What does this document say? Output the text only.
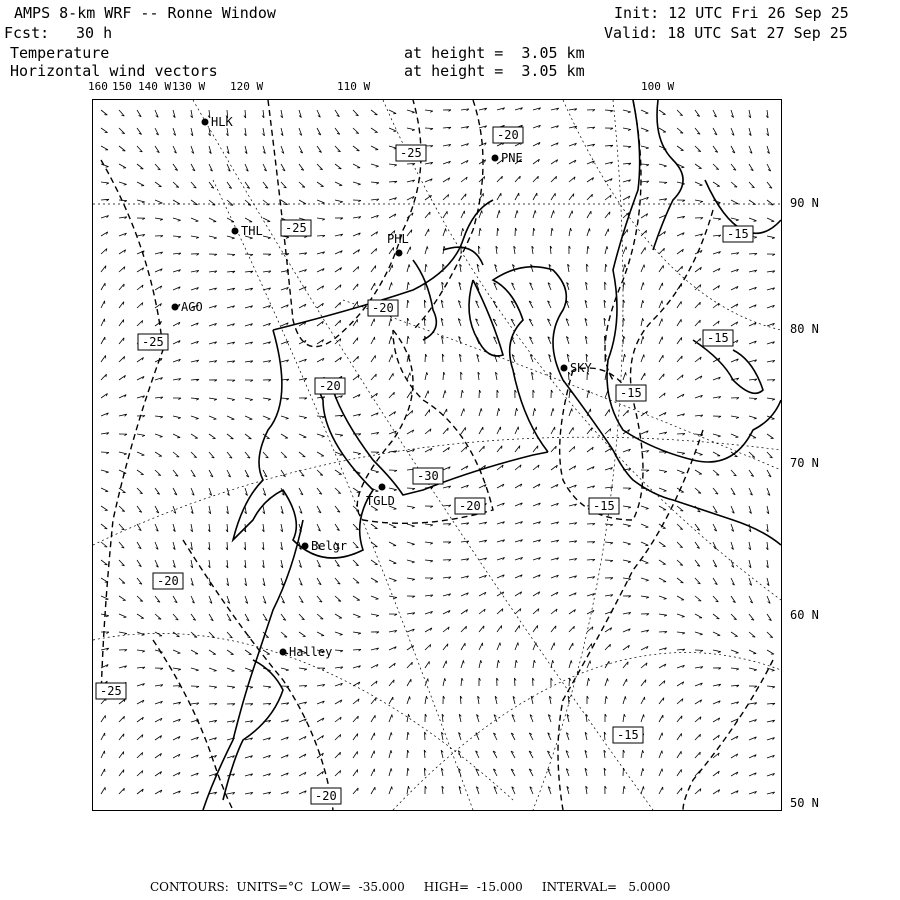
AMPS 8-km WRF -- Ronne Window
Fcst: 30 h
Init: 12 UTC Fri 26 Sep 25
Valid: 18 UTC Sat 27 Sep 25
Temperature
Horizontal wind vectors
at height =  3.05 km
at height =  3.05 km
160 150 140 W 130 W 120 W	110 W	100 W
90 N
80 N
70 N
60 N
50 N
-20
-25
-25
-20
-15
-25	-15
-20	-15
-30
-20	-15
-20
-25
-15
-20
HLK
PNE
THL
PHL
AGO
SKY
TGLD
Belgr
Halley
CONTOURS:  UNITS=°C  LOW=  -35.000     HIGH=  -15.000     INTERVAL=   5.0000
